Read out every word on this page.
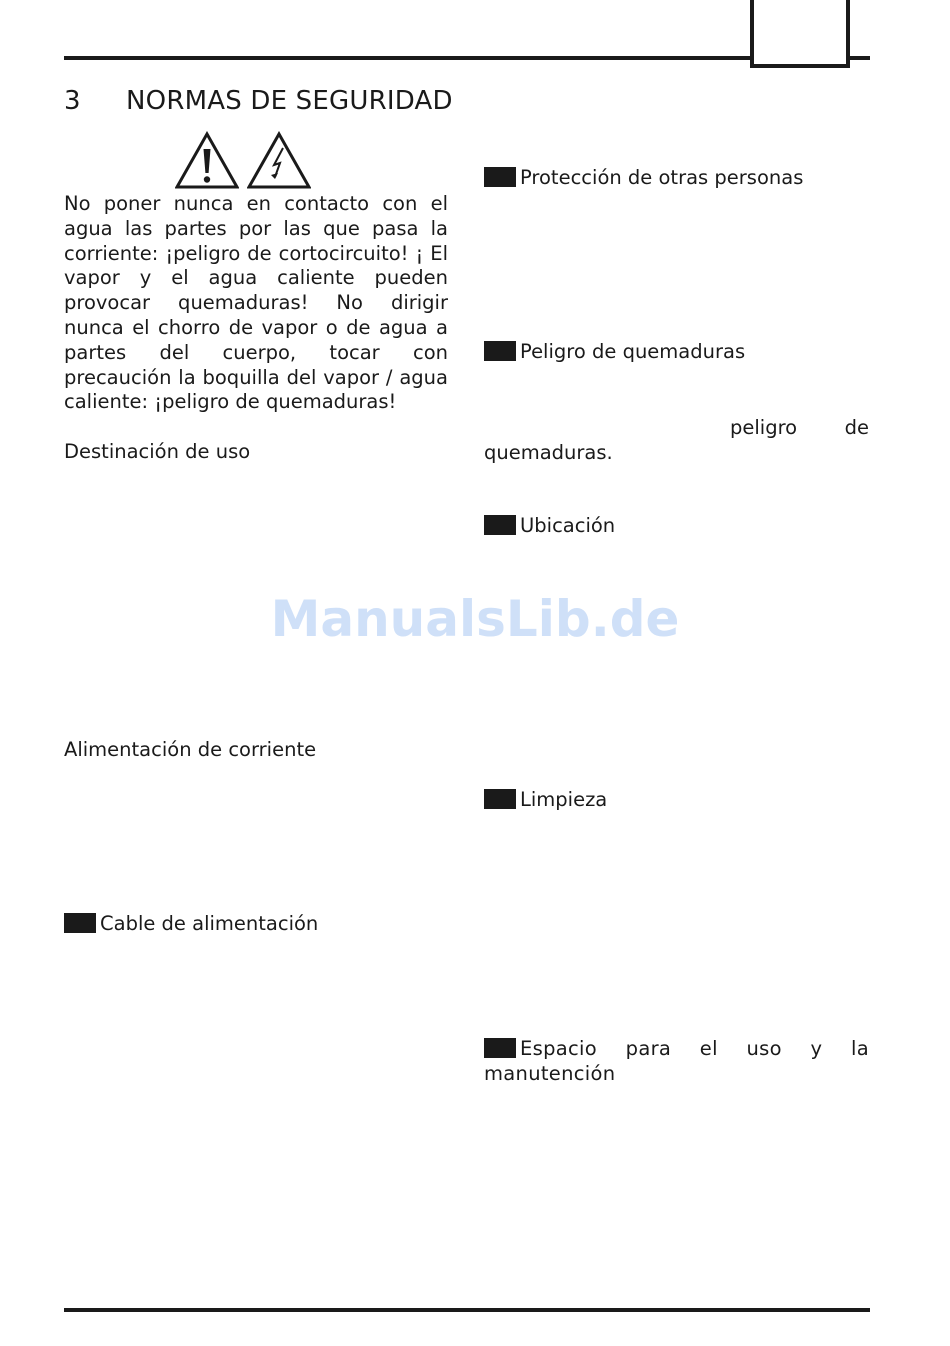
3 NORMAS DE SEGURIDAD
No poner nunca en contacto con el agua las partes por las que pasa la corriente: ¡peligro de cortocircuito! ¡ El vapor y el agua caliente pueden provocar quemaduras! No dirigir nunca el chorro de vapor o de agua a partes del cuerpo, tocar con precaución la boquilla del vapor / agua caliente: ¡peligro de quemaduras!
Destinación de uso
Alimentación de corriente
Cable de alimentación
Protección de otras personas
Peligro de quemaduras
peligro de quemaduras.
Ubicación
Limpieza
Espacio para el uso y la manutención
ManualsLib.de
